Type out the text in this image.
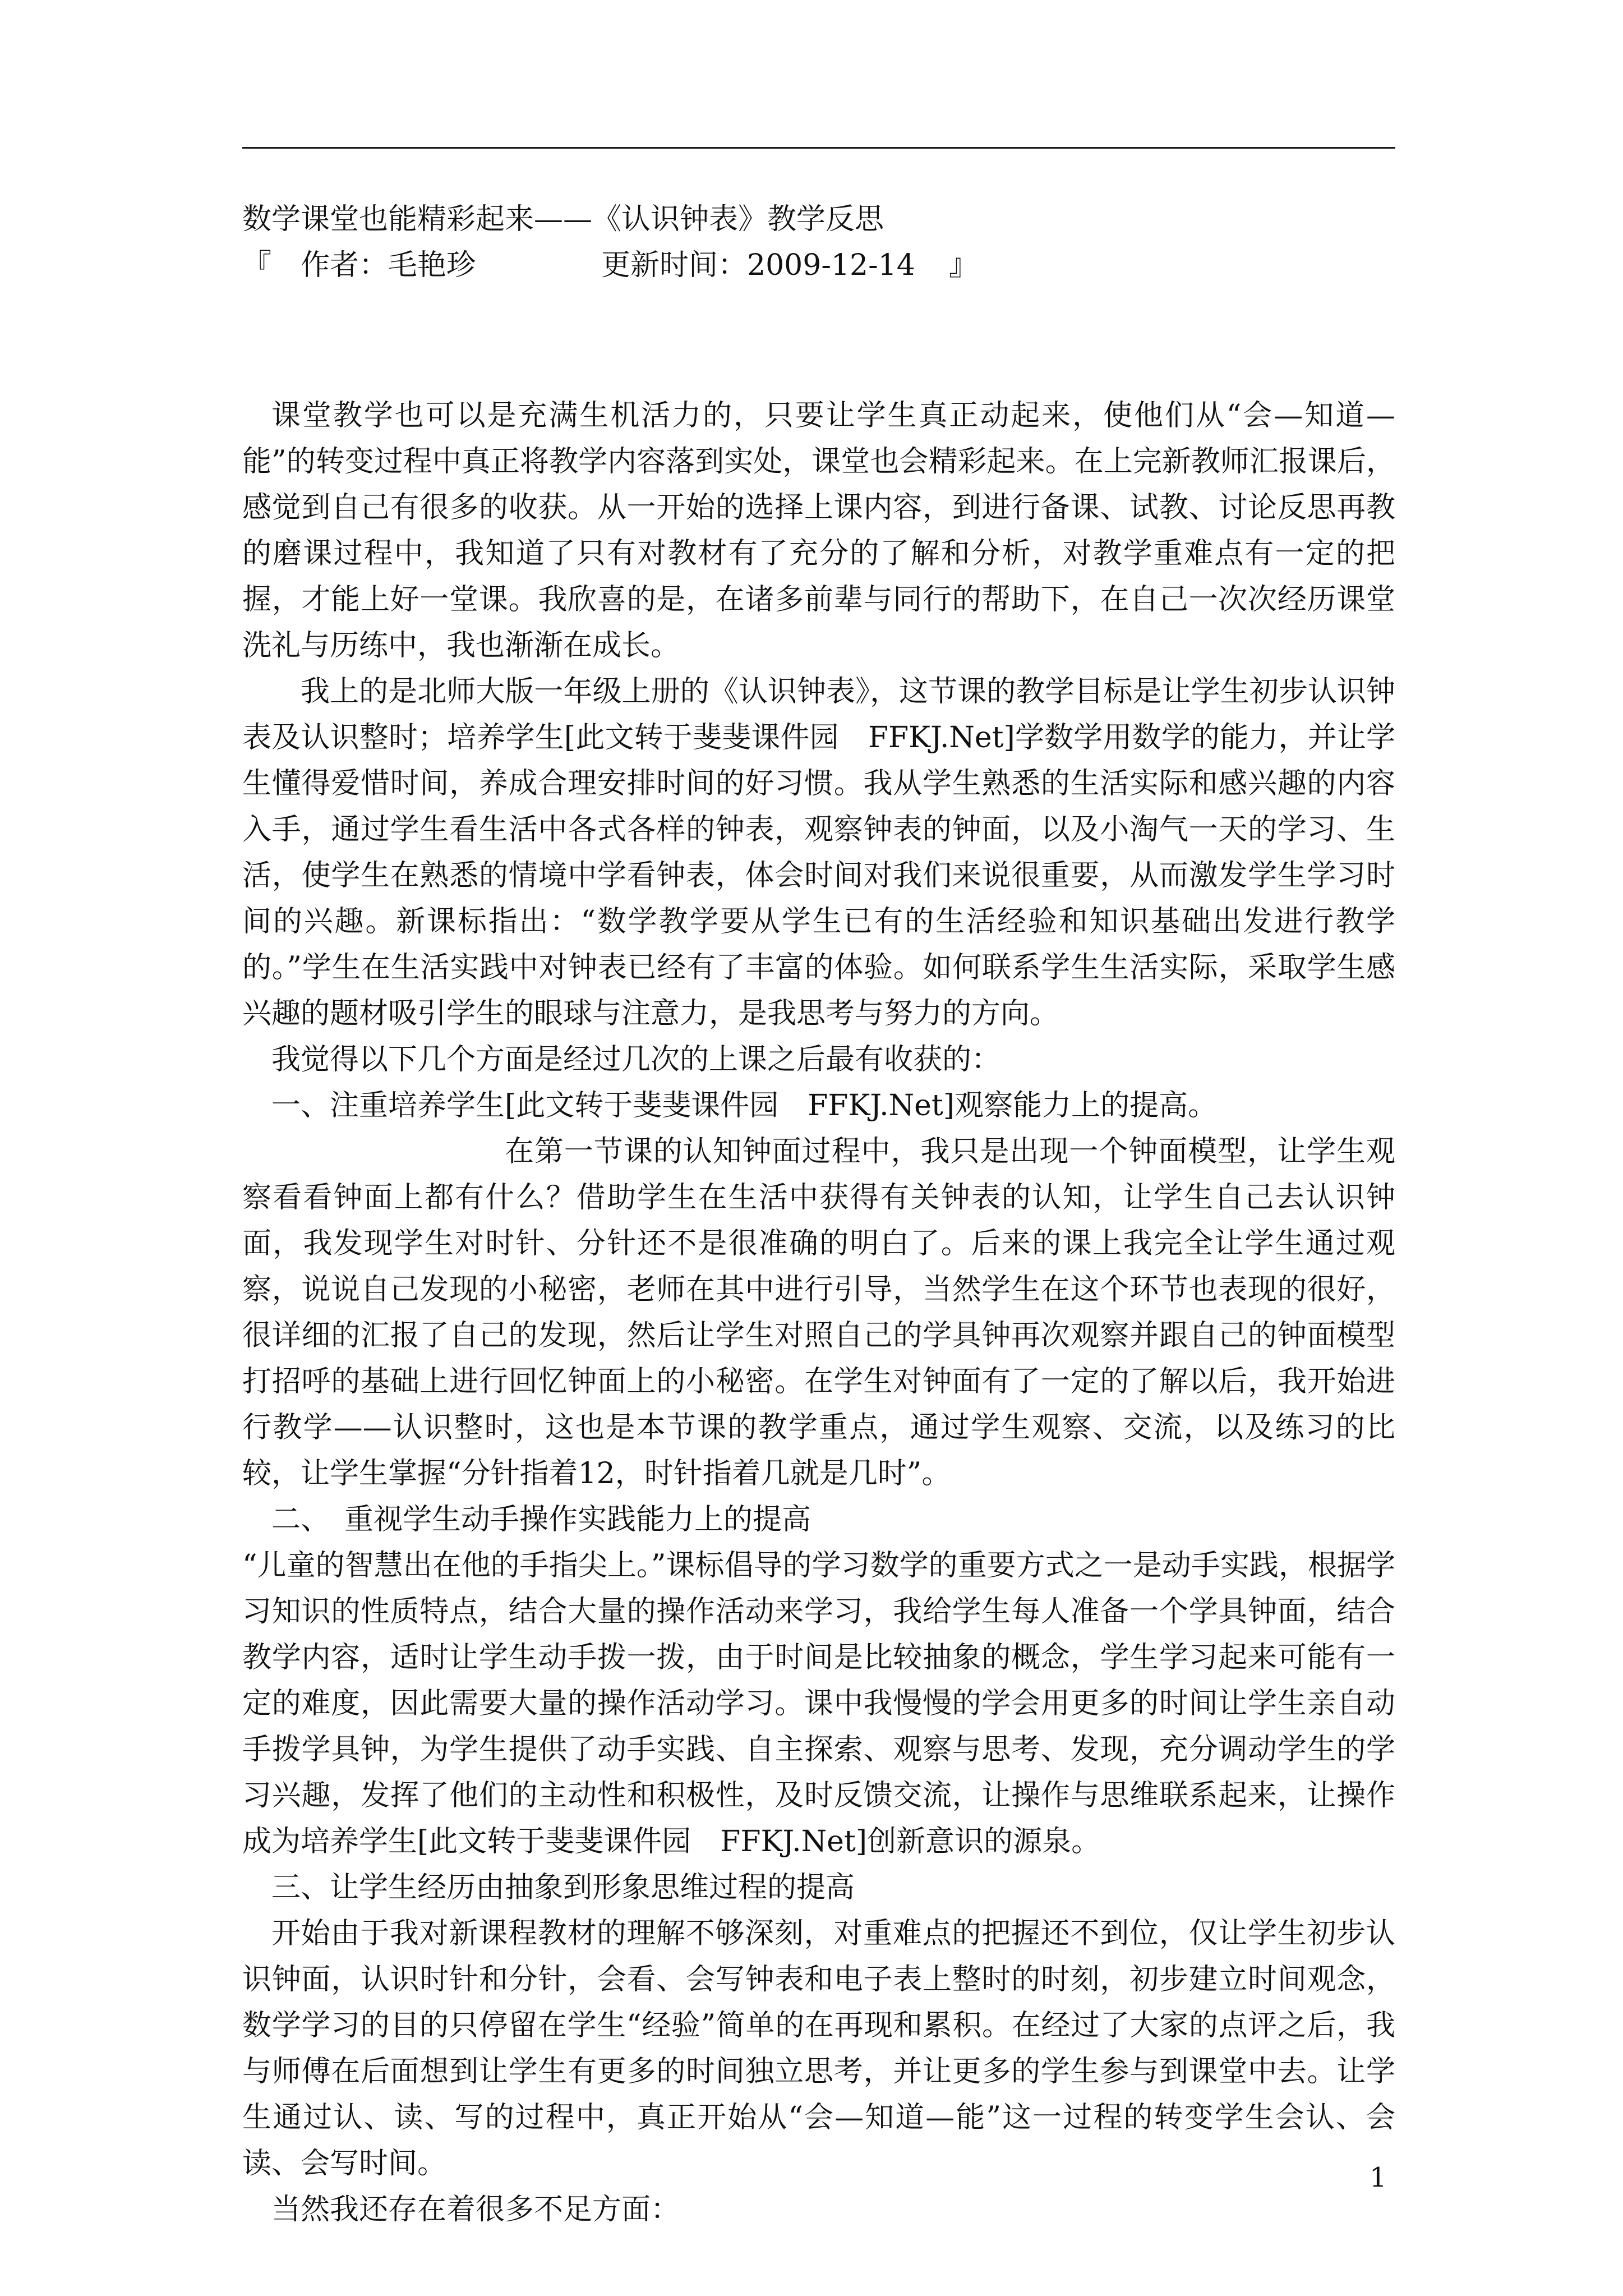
数学课堂也能精彩起来——《认识钟表》教学反思
『 作者：毛艳珍	更新时间：2009-12-14 』

课堂教学也可以是充满生机活力的，只要让学生真正动起来，使他们从“会—知道—能”的转变过程中真正将教学内容落到实处，课堂也会精彩起来。在上完新教师汇报课后，感觉到自己有很多的收获。从一开始的选择上课内容，到进行备课、试教、讨论反思再教的磨课过程中，我知道了只有对教材有了充分的了解和分析，对教学重难点有一定的把握，才能上好一堂课。我欣喜的是，在诸多前辈与同行的帮助下，在自己一次次经历课堂洗礼与历练中，我也渐渐在成长。

我上的是北师大版一年级上册的《认识钟表》，这节课的教学目标是让学生初步认识钟表及认识整时；培养学生[此文转于斐斐课件园　FFKJ.Net]学数学用数学的能力，并让学生懂得爱惜时间，养成合理安排时间的好习惯。我从学生熟悉的生活实际和感兴趣的内容入手，通过学生看生活中各式各样的钟表，观察钟表的钟面，以及小淘气一天的学习、生活，使学生在熟悉的情境中学看钟表，体会时间对我们来说很重要，从而激发学生学习时间的兴趣。新课标指出：“数学教学要从学生已有的生活经验和知识基础出发进行教学的。”学生在生活实践中对钟表已经有了丰富的体验。如何联系学生生活实际，采取学生感兴趣的题材吸引学生的眼球与注意力，是我思考与努力的方向。

我觉得以下几个方面是经过几次的上课之后最有收获的：

一、注重培养学生[此文转于斐斐课件园　FFKJ.Net]观察能力上的提高。

在第一节课的认知钟面过程中，我只是出现一个钟面模型，让学生观察看看钟面上都有什么？借助学生在生活中获得有关钟表的认知，让学生自己去认识钟面，我发现学生对时针、分针还不是很准确的明白了。后来的课上我完全让学生通过观察，说说自己发现的小秘密，老师在其中进行引导，当然学生在这个环节也表现的很好，很详细的汇报了自己的发现，然后让学生对照自己的学具钟再次观察并跟自己的钟面模型打招呼的基础上进行回忆钟面上的小秘密。在学生对钟面有了一定的了解以后，我开始进行教学——认识整时，这也是本节课的教学重点，通过学生观察、交流，以及练习的比较，让学生掌握“分针指着12，时针指着几就是几时”。

二、　重视学生动手操作实践能力上的提高

“儿童的智慧出在他的手指尖上。”课标倡导的学习数学的重要方式之一是动手实践，根据学习知识的性质特点，结合大量的操作活动来学习，我给学生每人准备一个学具钟面，结合教学内容，适时让学生动手拨一拨，由于时间是比较抽象的概念，学生学习起来可能有一定的难度，因此需要大量的操作活动学习。课中我慢慢的学会用更多的时间让学生亲自动手拨学具钟，为学生提供了动手实践、自主探索、观察与思考、发现，充分调动学生的学习兴趣，发挥了他们的主动性和积极性，及时反馈交流，让操作与思维联系起来，让操作成为培养学生[此文转于斐斐课件园　FFKJ.Net]创新意识的源泉。

三、让学生经历由抽象到形象思维过程的提高

开始由于我对新课程教材的理解不够深刻，对重难点的把握还不到位，仅让学生初步认识钟面，认识时针和分针，会看、会写钟表和电子表上整时的时刻，初步建立时间观念，数学学习的目的只停留在学生“经验”简单的在再现和累积。在经过了大家的点评之后，我与师傅在后面想到让学生有更多的时间独立思考，并让更多的学生参与到课堂中去。让学生通过认、读、写的过程中，真正开始从“会—知道—能”这一过程的转变学生会认、会读、会写时间。

当然我还存在着很多不足方面：

1
